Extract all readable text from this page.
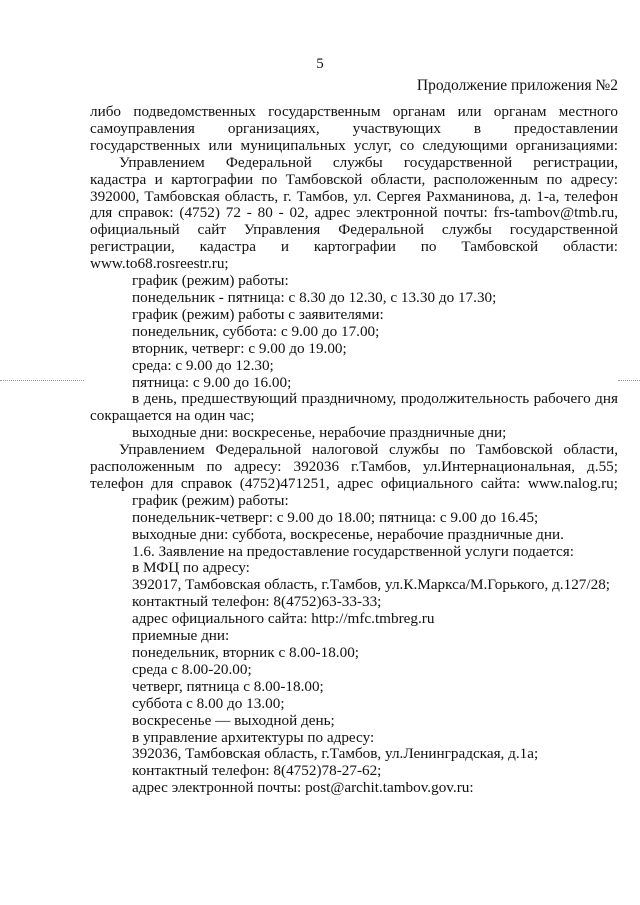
5
Продолжение приложения №2

либо подведомственных государственным органам или органам местного

самоуправления организациях, участвующих в предоставлении

государственных или муниципальных услуг, со следующими организациями:

Управлением Федеральной службы государственной регистрации,

кадастра и картографии по Тамбовской области, расположенным по адресу:

392000, Тамбовская область, г. Тамбов, ул. Сергея Рахманинова, д. 1-а, телефон

для справок: (4752) 72 - 80 - 02, адрес электронной почты: frs-tambov@tmb.ru,

официальный сайт Управления Федеральной службы государственной

регистрации, кадастра и картографии по Тамбовской области:

www.to68.rosreestr.ru;

график (режим) работы:

понедельник - пятница: с 8.30 до 12.30, с 13.30 до 17.30;

график (режим) работы с заявителями:

понедельник, суббота: с 9.00 до 17.00;

вторник, четверг: с 9.00 до 19.00;

среда: с 9.00 до 12.30;

пятница: с 9.00 до 16.00;

в день, предшествующий праздничному, продолжительность рабочего дня

сокращается на один час;

выходные дни: воскресенье, нерабочие праздничные дни;

Управлением Федеральной налоговой службы по Тамбовской области,

расположенным по адресу: 392036 г.Тамбов, ул.Интернациональная, д.55;

телефон для справок (4752)471251, адрес официального сайта: www.nalog.ru;

график (режим) работы:

понедельник-четверг: с 9.00 до 18.00; пятница: с 9.00 до 16.45;

выходные дни: суббота, воскресенье, нерабочие праздничные дни.

1.6. Заявление на предоставление государственной услуги подается:

в МФЦ по адресу:

392017, Тамбовская область, г.Тамбов, ул.К.Маркса/М.Горького, д.127/28;

контактный телефон: 8(4752)63-33-33;

адрес официального сайта: http://mfc.tmbreg.ru

приемные дни:

понедельник, вторник с 8.00-18.00;

среда с 8.00-20.00;

четверг, пятница с 8.00-18.00;

суббота с 8.00 до 13.00;

воскресенье — выходной день;

в управление архитектуры по адресу:

392036, Тамбовская область, г.Тамбов, ул.Ленинградская, д.1а;

контактный телефон: 8(4752)78-27-62;

адрес электронной почты: post@archit.tambov.gov.ru:
